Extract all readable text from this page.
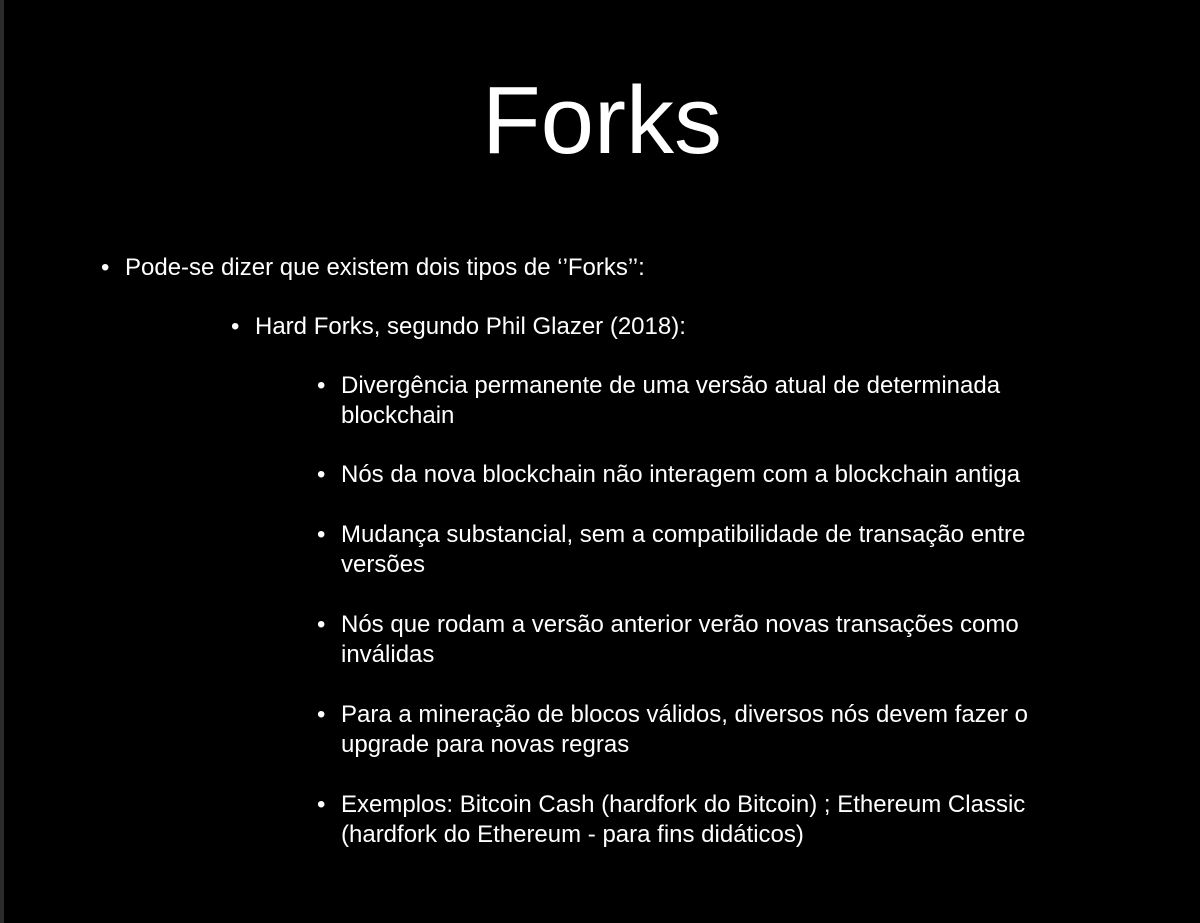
Forks
• Pode-se dizer que existem dois tipos de ‘’Forks’’:
• Hard Forks, segundo Phil Glazer (2018):
• Divergência permanente de uma versão atual de determinada blockchain
• Nós da nova blockchain não interagem com a blockchain antiga
• Mudança substancial, sem a compatibilidade de transação entre versões
• Nós que rodam a versão anterior verão novas transações como inválidas
• Para a mineração de blocos válidos, diversos nós devem fazer o upgrade para novas regras
• Exemplos: Bitcoin Cash (hardfork do Bitcoin) ; Ethereum Classic (hardfork do Ethereum - para fins didáticos)
